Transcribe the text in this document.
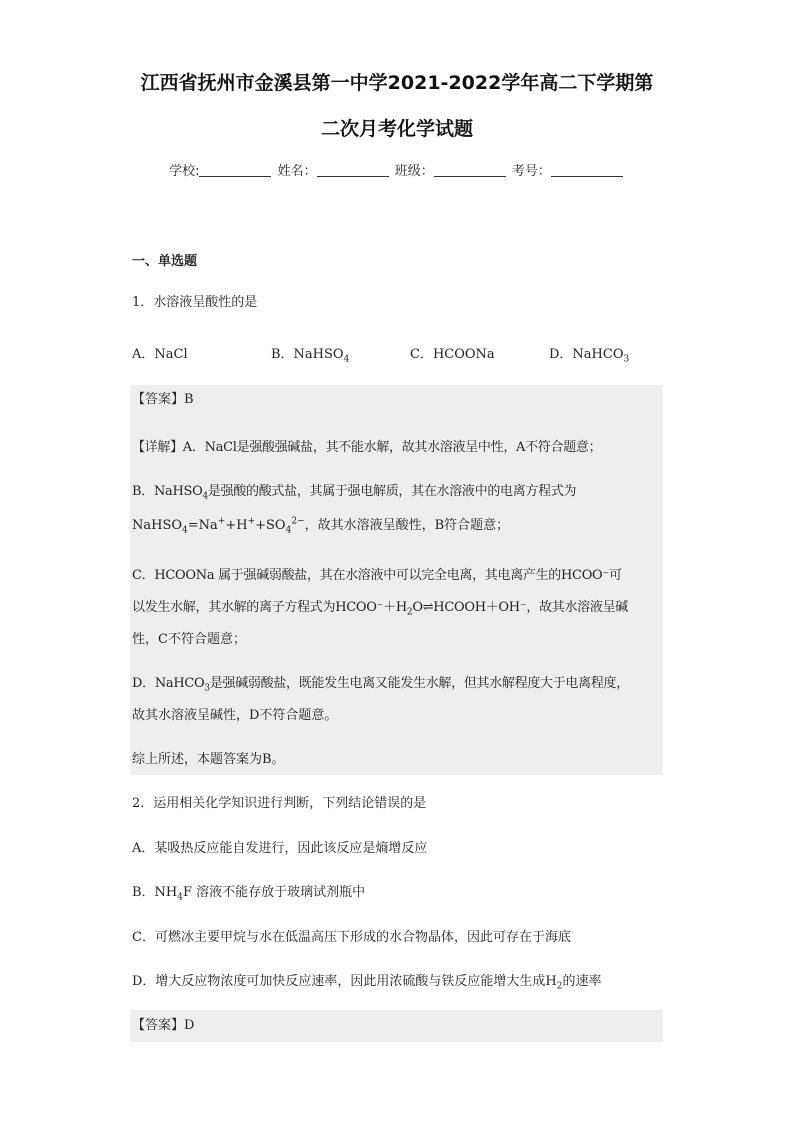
江西省抚州市金溪县第一中学2021-2022学年高二下学期第
二次月考化学试题
学校:	姓名：	班级：	考号：
一、单选题
1．水溶液呈酸性的是
A．NaCl	B．NaHSO$_4$	C．HCOONa	D．NaHCO$_3$
【答案】B
【详解】A．NaCl是强酸强碱盐，其不能水解，故其水溶液呈中性，A不符合题意；
B．NaHSO$_4$是强酸的酸式盐，其属于强电解质，其在水溶液中的电离方程式为
$NaHSO_4=Na^++H^++SO_4^{2-}$，故其水溶液呈酸性，B符合题意；
C．HCOONa 属于强碱弱酸盐，其在水溶液中可以完全电离，其电离产生的HCOO⁻可
以发生水解，其水解的离子方程式为$HCOO^-+H_2O\rightleftharpoons HCOOH+OH^-$，故其水溶液呈碱
性，C不符合题意；
D．NaHCO$_3$是强碱弱酸盐，既能发生电离又能发生水解，但其水解程度大于电离程度，
故其水溶液呈碱性，D不符合题意。
综上所述，本题答案为B。
2．运用相关化学知识进行判断，下列结论错误的是
A．某吸热反应能自发进行，因此该反应是熵增反应
B．$NH_4F$ 溶液不能存放于玻璃试剂瓶中
C．可燃冰主要甲烷与水在低温高压下形成的水合物晶体，因此可存在于海底
D．增大反应物浓度可加快反应速率，因此用浓硫酸与铁反应能增大生成$H_2$的速率
【答案】D
